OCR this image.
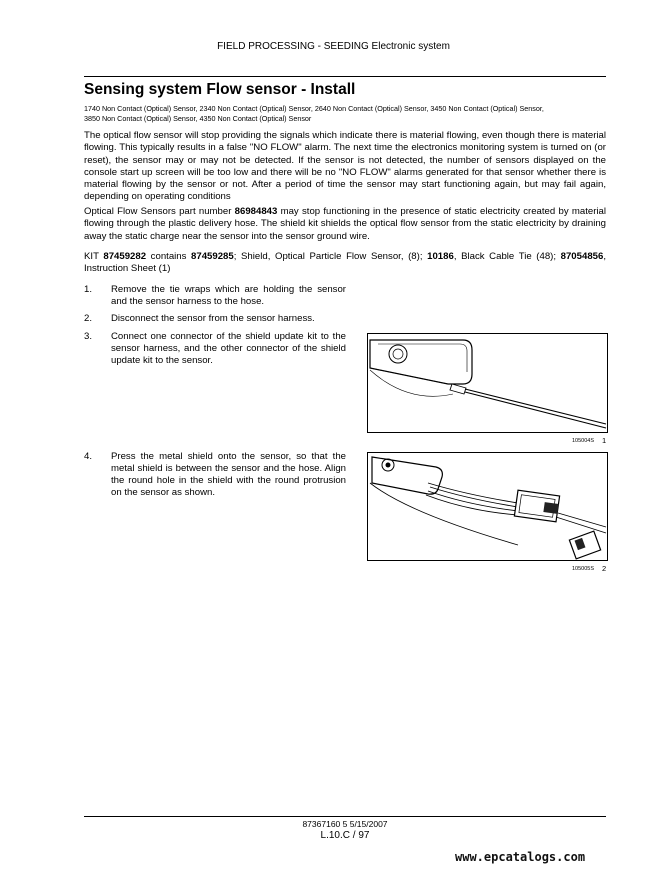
FIELD PROCESSING - SEEDING Electronic system
Sensing system Flow sensor - Install
1740 Non Contact (Optical) Sensor, 2340 Non Contact (Optical) Sensor, 2640 Non Contact (Optical) Sensor, 3450 Non Contact (Optical) Sensor,
3850 Non Contact (Optical) Sensor, 4350 Non Contact (Optical) Sensor

The optical flow sensor will stop providing the signals which indicate there is material flowing, even though there is material flowing. This typically results in a false "NO FLOW" alarm. The next time the electronics monitoring system is turned on (or reset), the sensor may or may not be detected. If the sensor is not detected, the number of sensors displayed on the console start up screen will be too low and there will be no "NO FLOW" alarms generated for that sensor whether there is material flowing by the sensor or not. After a period of time the sensor may start functioning again, but may fail again, depending on operating conditions

Optical Flow Sensors part number 86984843 may stop functioning in the presence of static electricity created by material flowing through the plastic delivery hose. The shield kit shields the optical flow sensor from the static electricity by draining away the static charge near the sensor into the sensor ground wire.

KIT 87459282 contains 87459285; Shield, Optical Particle Flow Sensor, (8); 10186, Black Cable Tie (48); 87054856, Instruction Sheet (1)

1. Remove the tie wraps which are holding the sensor and the sensor harness to the hose.
2. Disconnect the sensor from the sensor harness.
3. Connect one connector of the shield update kit to the sensor harness, and the other connector of the shield update kit to the sensor.
4. Press the metal shield onto the sensor, so that the metal shield is between the sensor and the hose. Align the round hole in the shield with the round protrusion on the sensor as shown.
105004S 1
105005S 2
87367160 5 5/15/2007
L.10.C / 97
www.epcatalogs.com
